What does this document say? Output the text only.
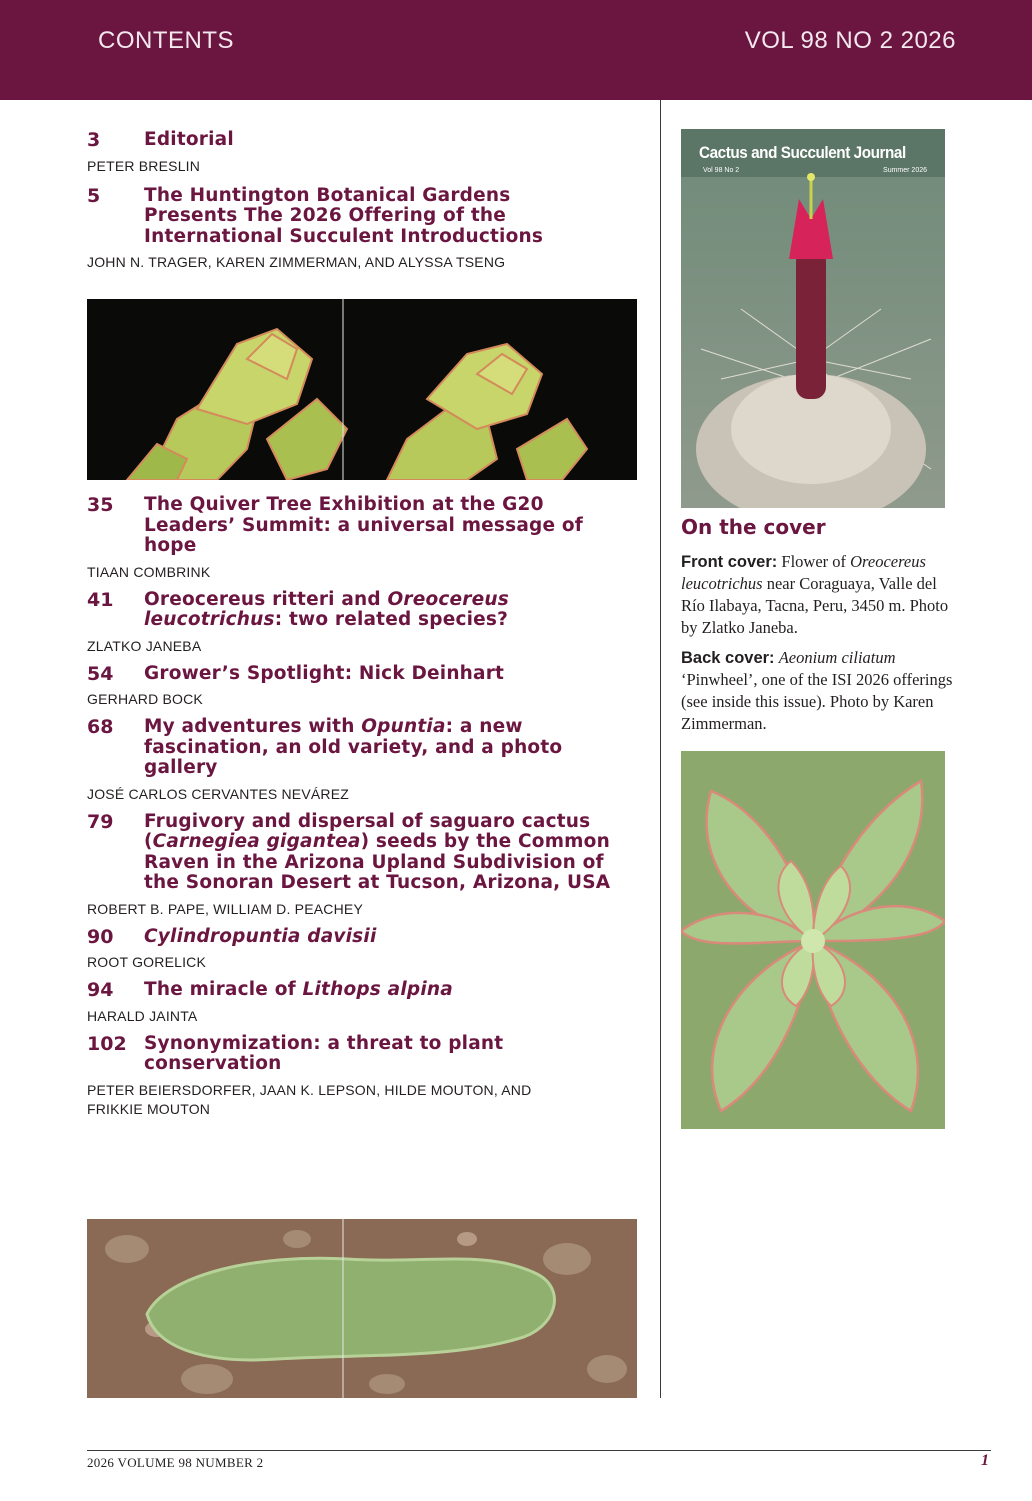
CONTENTS	VOL 98 NO 2 2026
3	Editorial
PETER BRESLIN
5	The Huntington Botanical Gardens Presents The 2026 Offering of the International Succulent Introductions
JOHN N. TRAGER, KAREN ZIMMERMAN, AND ALYSSA TSENG
35	The Quiver Tree Exhibition at the G20 Leaders’ Summit: a universal message of hope
TIAAN COMBRINK
41	Oreocereus ritteri and Oreocereus leucotrichus: two related species?
ZLATKO JANEBA
54	Grower’s Spotlight: Nick Deinhart
GERHARD BOCK
68	My adventures with Opuntia: a new fascination, an old variety, and a photo gallery
JOSÉ CARLOS CERVANTES NEVÁREZ
79	Frugivory and dispersal of saguaro cactus (Carnegiea gigantea) seeds by the Common Raven in the Arizona Upland Subdivision of the Sonoran Desert at Tucson, Arizona, USA
ROBERT B. PAPE, WILLIAM D. PEACHEY
90	Cylindropuntia davisii
ROOT GORELICK
94	The miracle of Lithops alpina
HARALD JAINTA
102 Synonymization: a threat to plant conservation
PETER BEIERSDORFER, JAAN K. LEPSON, HILDE MOUTON, AND FRIKKIE MOUTON
Cactus and Succulent Journal
Vol 98 No 2	Summer 2026
On the cover

Front cover: Flower of Oreocereus leucotrichus near Coraguaya, Valle del Río Ilabaya, Tacna, Peru, 3450 m. Photo by Zlatko Janeba.

Back cover: Aeonium ciliatum ‘Pinwheel’, one of the ISI 2026 offerings (see inside this issue). Photo by Karen Zimmerman.

2026 VOLUME 98 NUMBER 2	1
